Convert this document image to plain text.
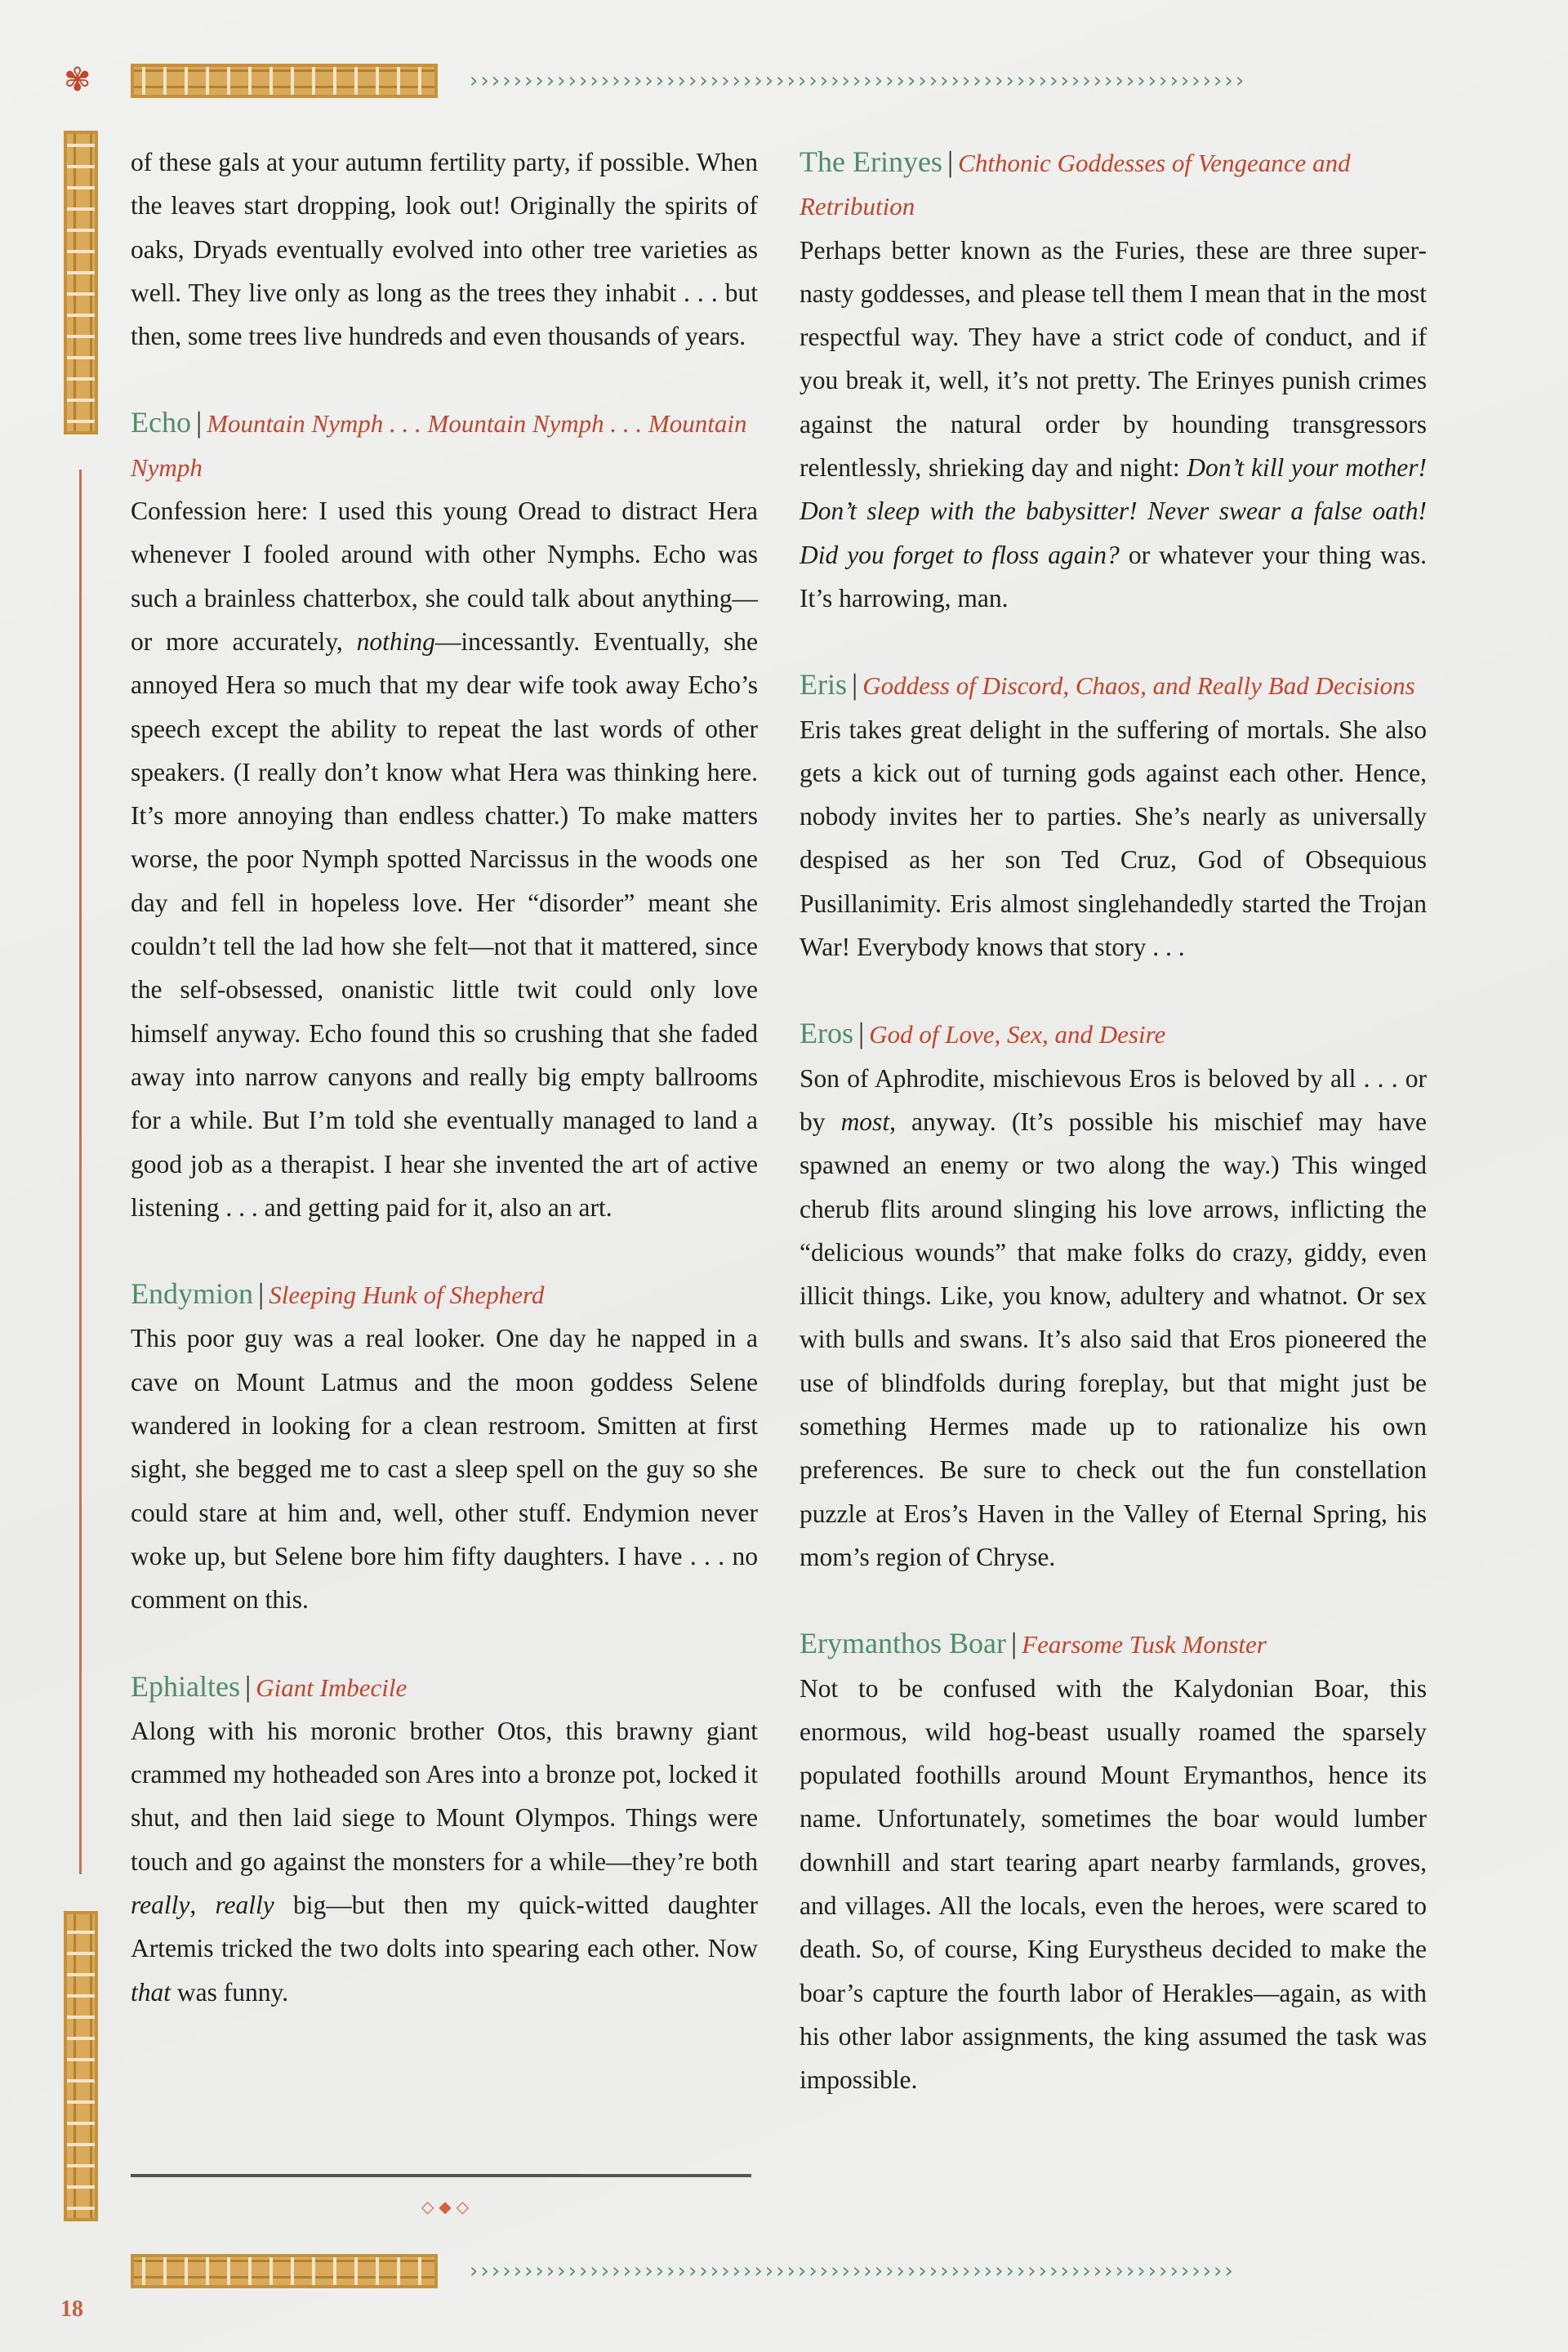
✾	›››››››››››››››››››››››››››››››››››››››››››››››››››››››››››››››››››››››

of these gals at your autumn fertility party, if possible. When the leaves start dropping, look out! Originally the spirits of oaks, Dryads eventually evolved into other tree varieties as well. They live only as long as the trees they inhabit . . . but then, some trees live hundreds and even thousands of years.

Echo | Mountain Nymph . . . Mountain Nymph . . . Mountain Nymph

Confession here: I used this young Oread to distract Hera whenever I fooled around with other Nymphs. Echo was such a brainless chatterbox, she could talk about anything—or more accurately, nothing—incessantly. Eventually, she annoyed Hera so much that my dear wife took away Echo’s speech except the ability to repeat the last words of other speakers. (I really don’t know what Hera was thinking here. It’s more annoying than endless chatter.) To make matters worse, the poor Nymph spotted Narcissus in the woods one day and fell in hopeless love. Her “disorder” meant she couldn’t tell the lad how she felt—not that it mattered, since the self-obsessed, onanistic little twit could only love himself anyway. Echo found this so crushing that she faded away into narrow canyons and really big empty ballrooms for a while. But I’m told she eventually managed to land a good job as a therapist. I hear she invented the art of active listening . . . and getting paid for it, also an art.

Endymion | Sleeping Hunk of Shepherd

This poor guy was a real looker. One day he napped in a cave on Mount Latmus and the moon goddess Selene wandered in looking for a clean restroom. Smitten at first sight, she begged me to cast a sleep spell on the guy so she could stare at him and, well, other stuff. Endymion never woke up, but Selene bore him fifty daughters. I have . . . no comment on this.

Ephialtes | Giant Imbecile

Along with his moronic brother Otos, this brawny giant crammed my hotheaded son Ares into a bronze pot, locked it shut, and then laid siege to Mount Olympos. Things were touch and go against the monsters for a while—they’re both really, really big—but then my quick-witted daughter Artemis tricked the two dolts into spearing each other. Now that was funny.

◇◆◇
The Erinyes | Chthonic Goddesses of Vengeance and Retribution

Perhaps better known as the Furies, these are three super-nasty goddesses, and please tell them I mean that in the most respectful way. They have a strict code of conduct, and if you break it, well, it’s not pretty. The Erinyes punish crimes against the natural order by hounding transgressors relentlessly, shrieking day and night: Don’t kill your mother! Don’t sleep with the babysitter! Never swear a false oath! Did you forget to floss again? or whatever your thing was. It’s harrowing, man.

Eris | Goddess of Discord, Chaos, and Really Bad Decisions

Eris takes great delight in the suffering of mortals. She also gets a kick out of turning gods against each other. Hence, nobody invites her to parties. She’s nearly as universally despised as her son Ted Cruz, God of Obsequious Pusillanimity. Eris almost singlehandedly started the Trojan War! Everybody knows that story . . .

Eros | God of Love, Sex, and Desire

Son of Aphrodite, mischievous Eros is beloved by all . . . or by most, anyway. (It’s possible his mischief may have spawned an enemy or two along the way.) This winged cherub flits around slinging his love arrows, inflicting the “delicious wounds” that make folks do crazy, giddy, even illicit things. Like, you know, adultery and whatnot. Or sex with bulls and swans. It’s also said that Eros pioneered the use of blindfolds during foreplay, but that might just be something Hermes made up to rationalize his own preferences. Be sure to check out the fun constellation puzzle at Eros’s Haven in the Valley of Eternal Spring, his mom’s region of Chryse.

Erymanthos Boar | Fearsome Tusk Monster

Not to be confused with the Kalydonian Boar, this enormous, wild hog-beast usually roamed the sparsely populated foothills around Mount Erymanthos, hence its name. Unfortunately, sometimes the boar would lumber downhill and start tearing apart nearby farmlands, groves, and villages. All the locals, even the heroes, were scared to death. So, of course, King Eurystheus decided to make the boar’s capture the fourth labor of Herakles—again, as with his other labor assignments, the king assumed the task was impossible.

18
››››››››››››››››››››››››››››››››››››››››››››››››››››››››››››››››››››››
